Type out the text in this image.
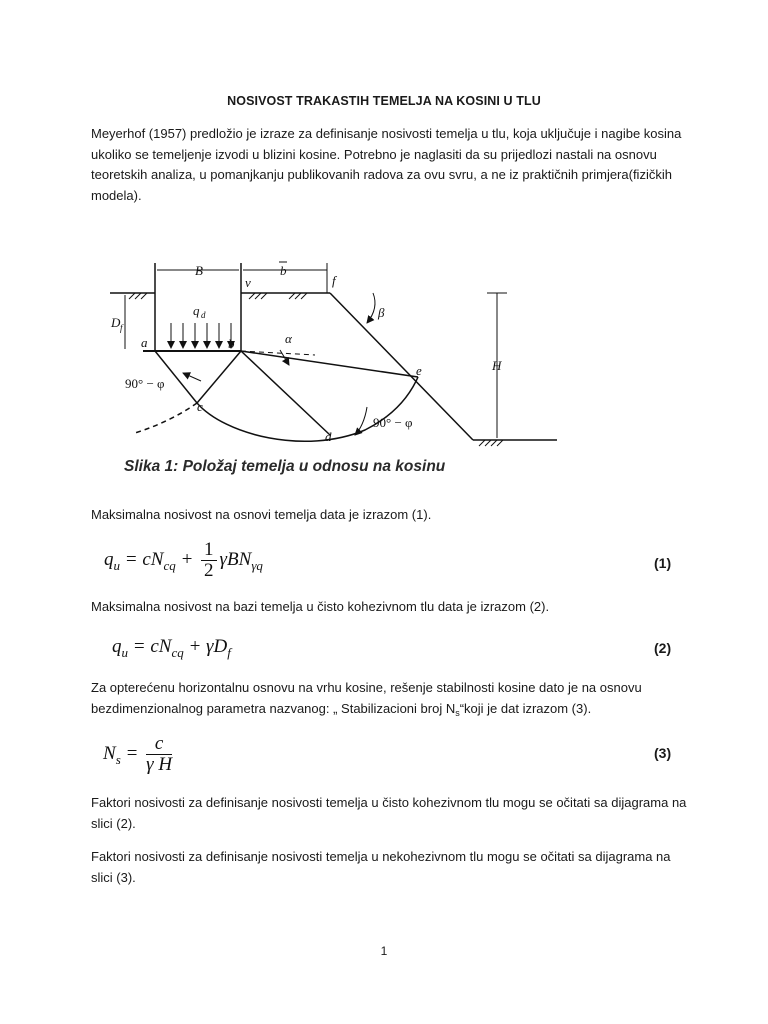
NOSIVOST TRAKASTIH TEMELJA NA KOSINI U TLU
Meyerhof (1957) predložio je izraze za definisanje nosivosti temelja u tlu, koja uključuje i nagibe kosina ukoliko se temeljenje izvodi u blizini kosine. Potrebno je naglasiti da su prijedlozi nastali na osnovu teoretskih analiza, u pomanjkanju publikovanih radova za ovu svru, a ne iz praktičnih primjera(fizičkih modela).
B	b
f
v
D f
a	b
q d
α
β
e	H
c
d
90° − φ
90° − φ
Slika 1: Položaj temelja u odnosu na kosinu
Maksimalna nosivost na osnovi temelja data je izrazom (1).
$q_u = cN_{cq} + \frac{1}{2} \gamma BN_{\gamma q}$	(1)
Maksimalna nosivost na bazi temelja u čisto kohezivnom tlu data je izrazom (2).
$q_u = cN_{cq} + \gamma D_f$	(2)
Za opterećenu horizontalnu osnovu na vrhu kosine, rešenje stabilnosti kosine dato je na osnovu bezdimenzionalnog parametra nazvanog: „ Stabilizacioni broj $N_s“koji$ je dat izrazom (3).
$N_s = \frac{c}{\text{γ H}}$	(3)
Faktori nosivosti za definisanje nosivosti temelja u čisto kohezivnom tlu mogu se očitati sa dijagrama na slici (2).
Faktori nosivosti za definisanje nosivosti temelja u nekohezivnom tlu mogu se očitati sa dijagrama na slici (3).
1
